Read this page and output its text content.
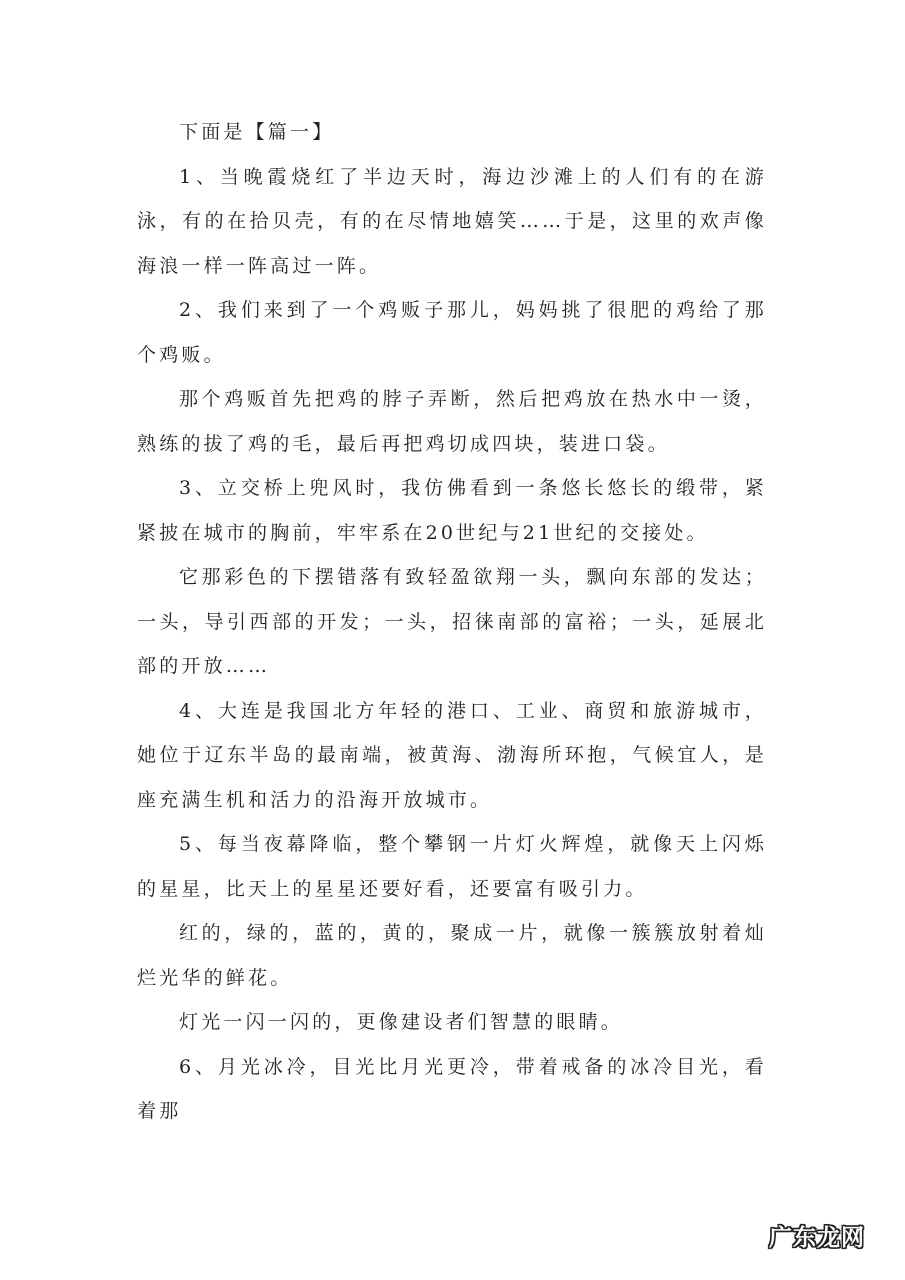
下面是【篇一】

1、当晚霞烧红了半边天时，海边沙滩上的人们有的在游泳，有的在拾贝壳，有的在尽情地嬉笑……于是，这里的欢声像海浪一样一阵高过一阵。

2、我们来到了一个鸡贩子那儿，妈妈挑了很肥的鸡给了那个鸡贩。

那个鸡贩首先把鸡的脖子弄断，然后把鸡放在热水中一烫，熟练的拔了鸡的毛，最后再把鸡切成四块，装进口袋。

3、立交桥上兜风时，我仿佛看到一条悠长悠长的缎带，紧紧披在城市的胸前，牢牢系在20世纪与21世纪的交接处。

它那彩色的下摆错落有致轻盈欲翔一头，飘向东部的发达；一头，导引西部的开发；一头，招徕南部的富裕；一头，延展北部的开放……

4、大连是我国北方年轻的港口、工业、商贸和旅游城市，她位于辽东半岛的最南端，被黄海、渤海所环抱，气候宜人，是座充满生机和活力的沿海开放城市。

5、每当夜幕降临，整个攀钢一片灯火辉煌，就像天上闪烁的星星，比天上的星星还要好看，还要富有吸引力。

红的，绿的，蓝的，黄的，聚成一片，就像一簇簇放射着灿烂光华的鲜花。

灯光一闪一闪的，更像建设者们智慧的眼睛。

6、月光冰冷，目光比月光更冷，带着戒备的冰冷目光，看着那

广东龙网
